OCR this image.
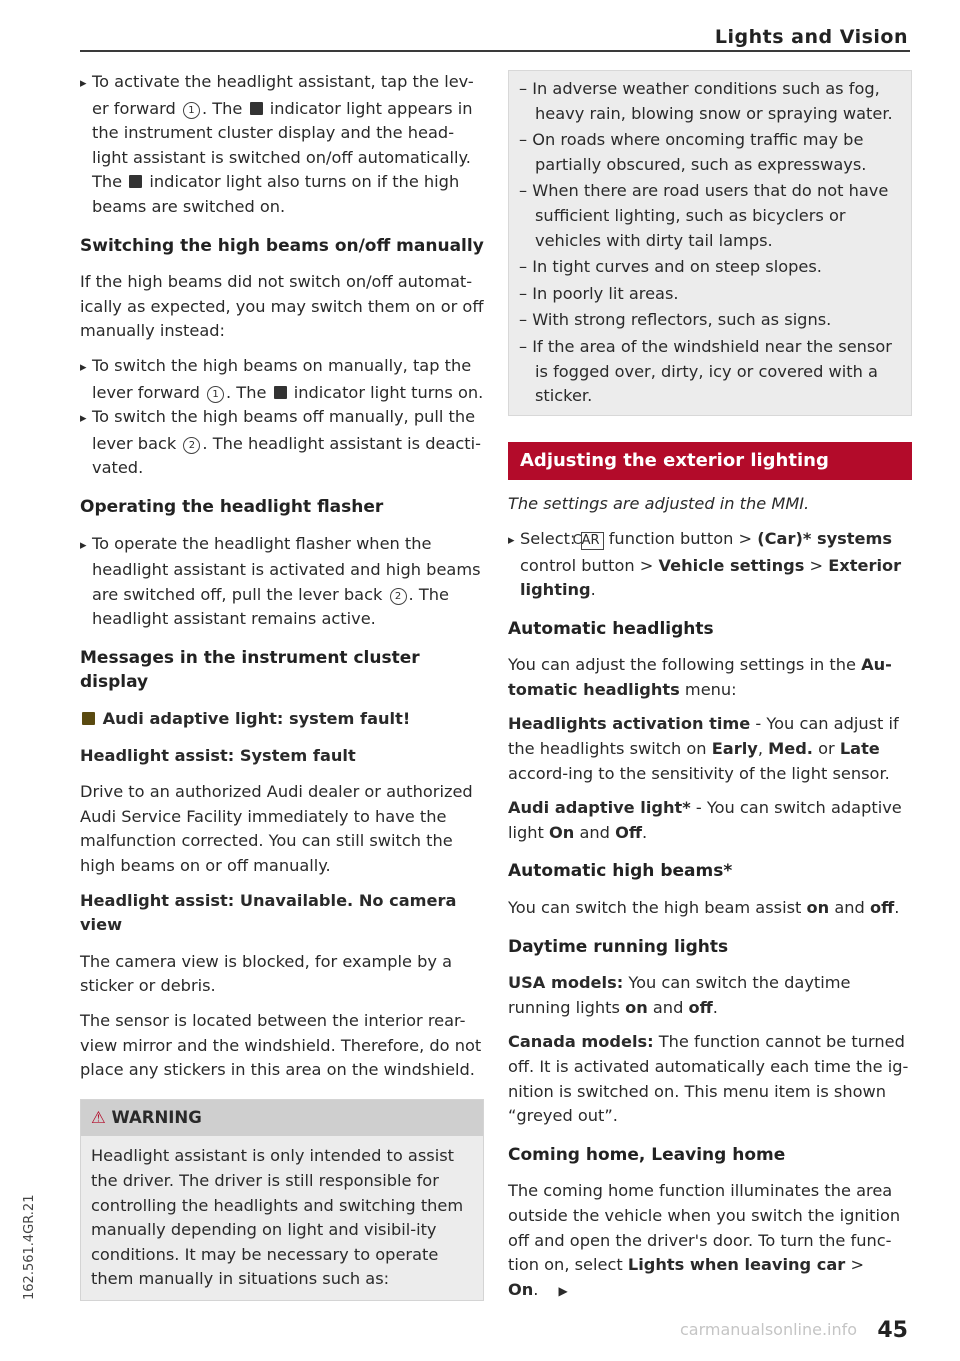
Lights and Vision

▸ To activate the headlight assistant, tap the lev-er forward 1 . The indicator light appears in the instrument cluster display and the head-light assistant is switched on/off automatically. The indicator light also turns on if the high beams are switched on.

Switching the high beams on/off manually

If the high beams did not switch on/off automat-ically as expected, you may switch them on or off manually instead:

▸ To switch the high beams on manually, tap the lever forward 1 . The indicator light turns on.

▸ To switch the high beams off manually, pull the lever back 2 . The headlight assistant is deacti-vated.

Operating the headlight flasher

▸ To operate the headlight flasher when the headlight assistant is activated and high beams are switched off, pull the lever back 2 . The headlight assistant remains active.

Messages in the instrument cluster display

Audi adaptive light: system fault!

Headlight assist: System fault

Drive to an authorized Audi dealer or authorized Audi Service Facility immediately to have the malfunction corrected. You can still switch the high beams on or off manually.

Headlight assist: Unavailable. No camera view

The camera view is blocked, for example by a sticker or debris.

The sensor is located between the interior rear-view mirror and the windshield. Therefore, do not place any stickers in this area on the windshield.

⚠ WARNING
Headlight assistant is only intended to assist the driver. The driver is still responsible for controlling the headlights and switching them manually depending on light and visibil-ity conditions. It may be necessary to operate them manually in situations such as:

– In adverse weather conditions such as fog, heavy rain, blowing snow or spraying water.

– On roads where oncoming traffic may be partially obscured, such as expressways.

– When there are road users that do not have sufficient lighting, such as bicyclers or vehicles with dirty tail lamps.

– In tight curves and on steep slopes.

– In poorly lit areas.

– With strong reflectors, such as signs.

– If the area of the windshield near the sensor is fogged over, dirty, icy or covered with a sticker.

Adjusting the exterior lighting

The settings are adjusted in the MMI.

▸ Select: CAR function button > (Car)* systems control button > Vehicle settings > Exterior lighting.

Automatic headlights

You can adjust the following settings in the Au-tomatic headlights menu:

Headlights activation time - You can adjust if the headlights switch on Early, Med. or Late accord-ing to the sensitivity of the light sensor.

Audi adaptive light* - You can switch adaptive light On and Off.

Automatic high beams*

You can switch the high beam assist on and off.

Daytime running lights

USA models: You can switch the daytime running lights on and off.

Canada models: The function cannot be turned off. It is activated automatically each time the ig-nition is switched on. This menu item is shown “greyed out”.

Coming home, Leaving home

The coming home function illuminates the area outside the vehicle when you switch the ignition off and open the driver's door. To turn the func-tion on, select Lights when leaving car > On. ▶

162.561.4GR.21
carmanualsonline.info 45
